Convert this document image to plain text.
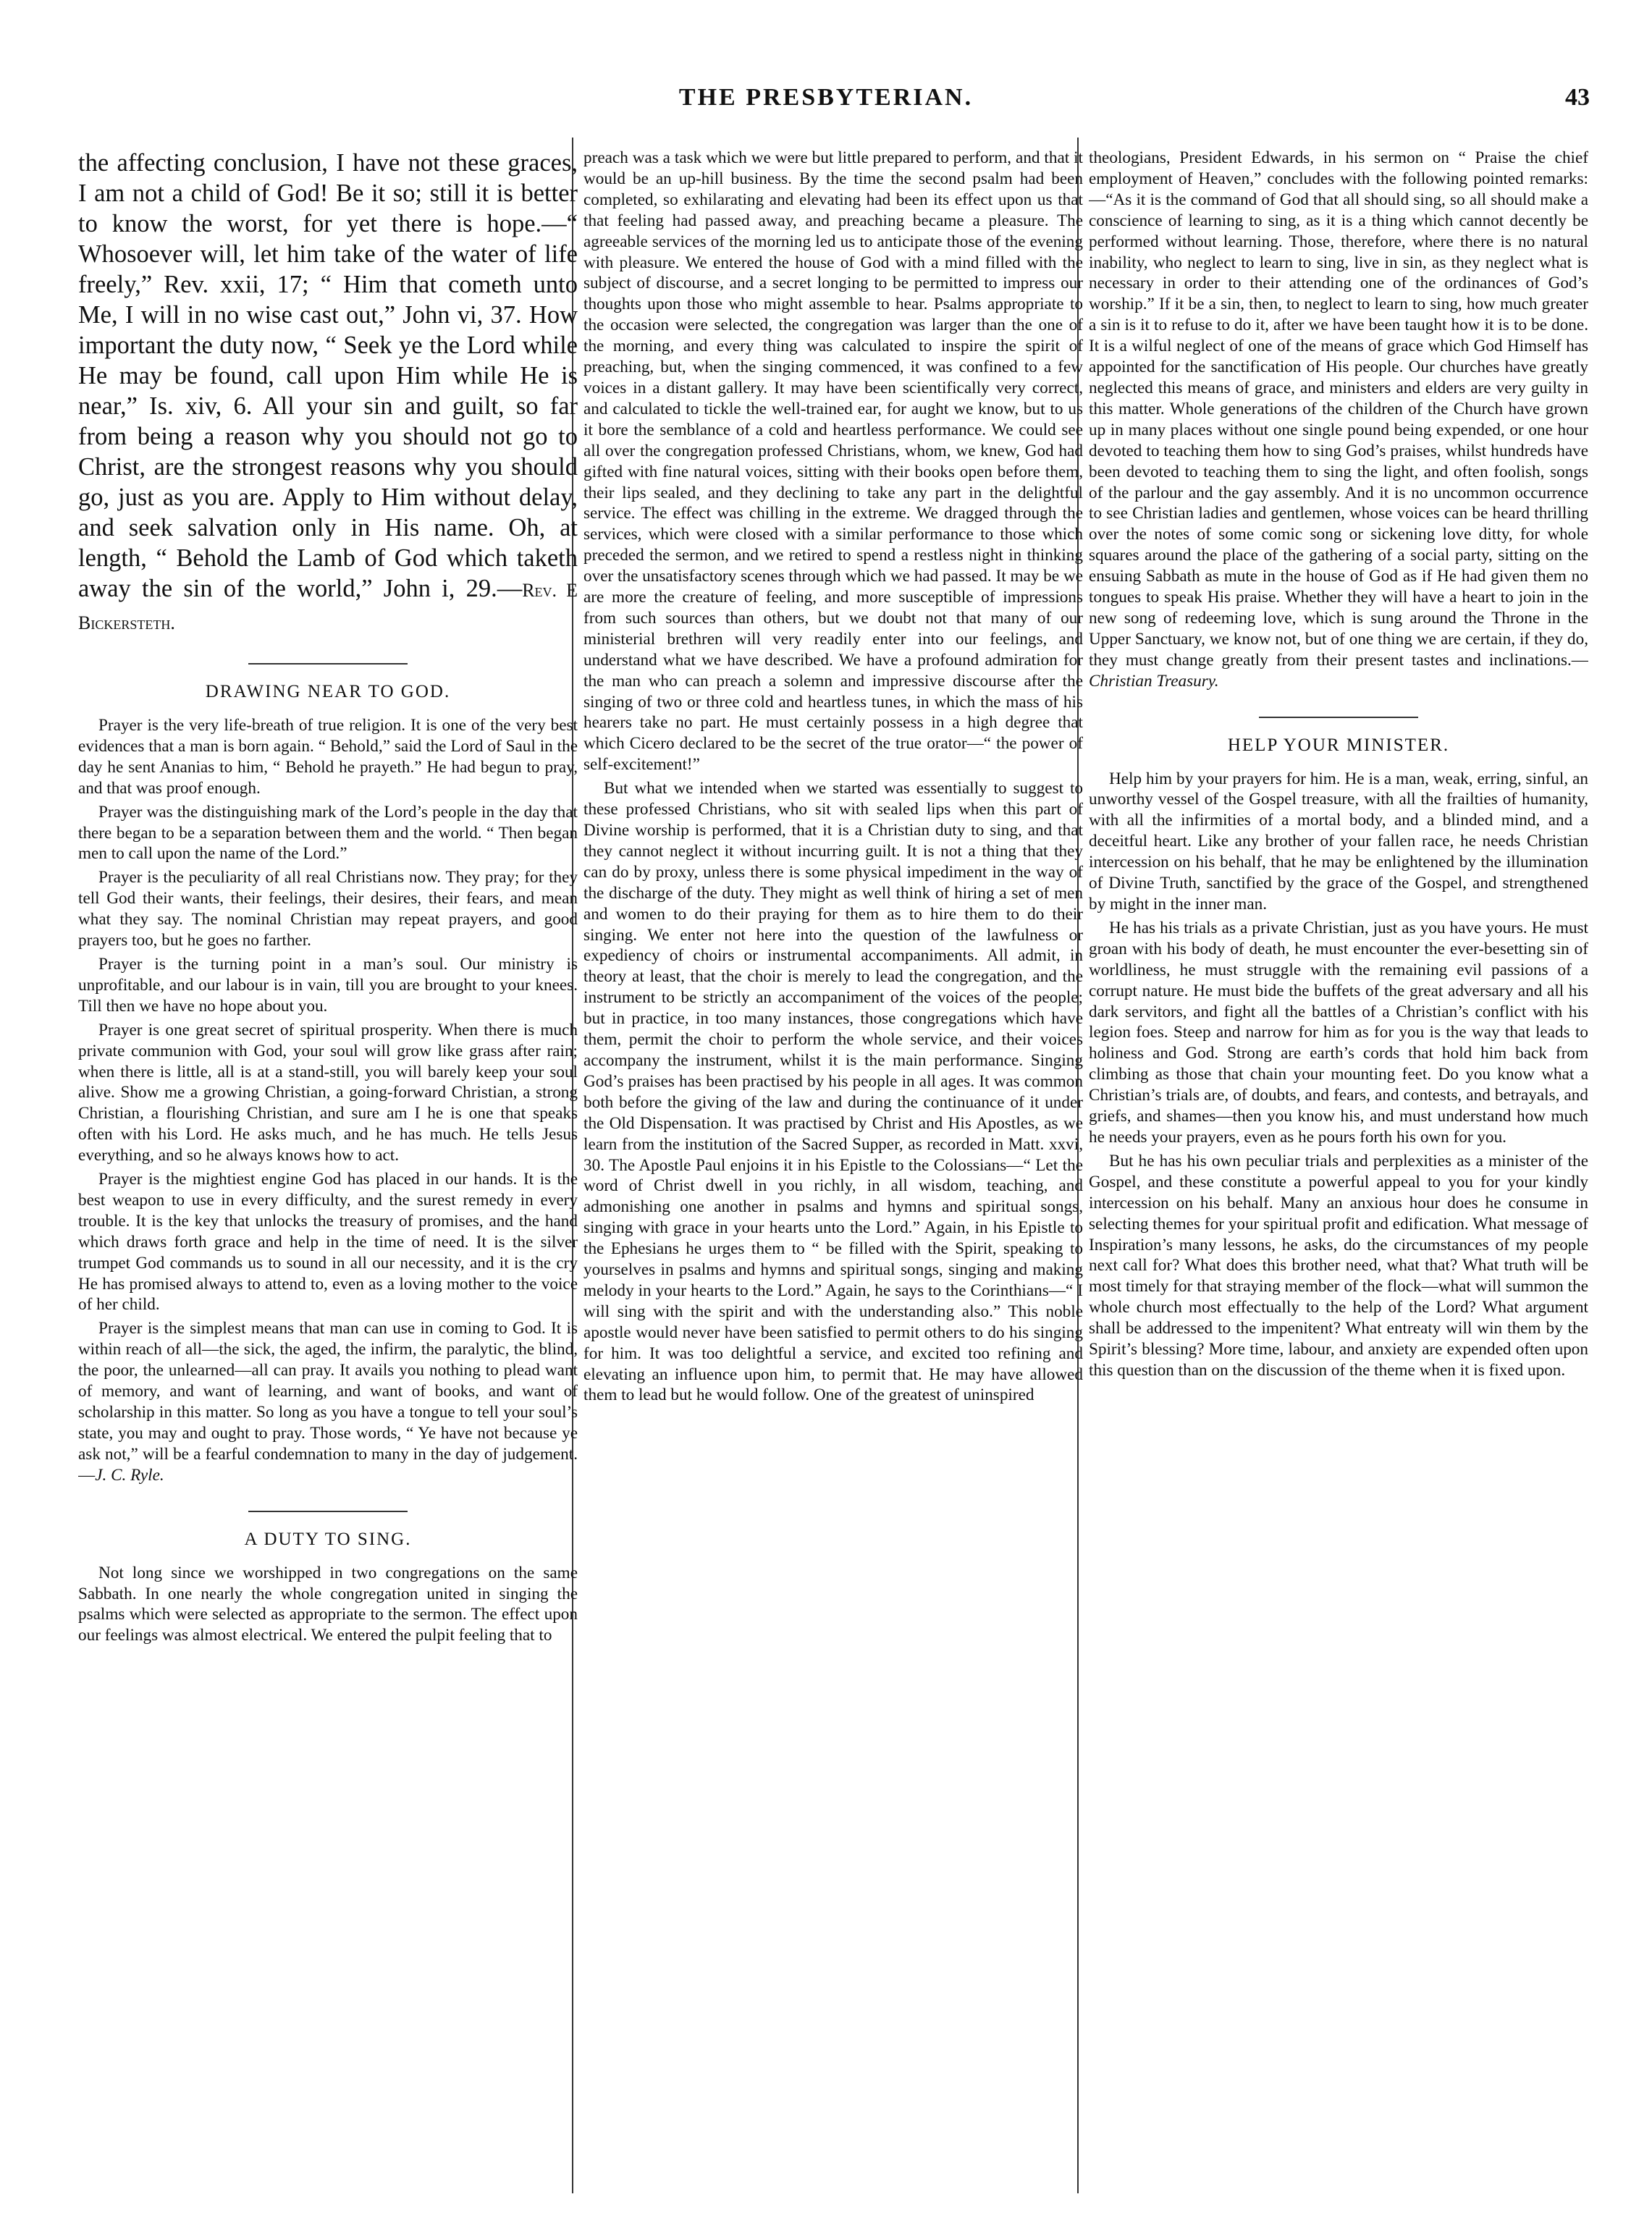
THE PRESBYTERIAN.	43

the affecting conclusion, I have not these graces, I am not a child of God! Be it so; still it is better to know the worst, for yet there is hope.—“ Whosoever will, let him take of the water of life freely,” Rev. xxii, 17; “ Him that cometh unto Me, I will in no wise cast out,” John vi, 37. How important the duty now, “ Seek ye the Lord while He may be found, call upon Him while He is near,” Is. xiv, 6. All your sin and guilt, so far from being a reason why you should not go to Christ, are the strongest reasons why you should go, just as you are. Apply to Him without delay, and seek salvation only in His name. Oh, at length, “ Behold the Lamb of God which taketh away the sin of the world,” John i, 29.—Rev. E Bickersteth.

DRAWING NEAR TO GOD.

Prayer is the very life-breath of true religion. It is one of the very best evidences that a man is born again. “ Behold,” said the Lord of Saul in the day he sent Ananias to him, “ Behold he prayeth.” He had begun to pray, and that was proof enough.

Prayer was the distinguishing mark of the Lord’s people in the day that there began to be a separation between them and the world. “ Then began men to call upon the name of the Lord.”

Prayer is the peculiarity of all real Christians now. They pray; for they tell God their wants, their feelings, their desires, their fears, and mean what they say. The nominal Christian may repeat prayers, and good prayers too, but he goes no farther.

Prayer is the turning point in a man’s soul. Our ministry is unprofitable, and our labour is in vain, till you are brought to your knees. Till then we have no hope about you.

Prayer is one great secret of spiritual prosperity. When there is much private communion with God, your soul will grow like grass after rain; when there is little, all is at a stand-still, you will barely keep your soul alive. Show me a growing Christian, a going-forward Christian, a strong Christian, a flourishing Christian, and sure am I he is one that speaks often with his Lord. He asks much, and he has much. He tells Jesus everything, and so he always knows how to act.

Prayer is the mightiest engine God has placed in our hands. It is the best weapon to use in every difficulty, and the surest remedy in every trouble. It is the key that unlocks the treasury of promises, and the hand which draws forth grace and help in the time of need. It is the silver trumpet God commands us to sound in all our necessity, and it is the cry He has promised always to attend to, even as a loving mother to the voice of her child.

Prayer is the simplest means that man can use in coming to God. It is within reach of all—the sick, the aged, the infirm, the paralytic, the blind, the poor, the unlearned—all can pray. It avails you nothing to plead want of memory, and want of learning, and want of books, and want of scholarship in this matter. So long as you have a tongue to tell your soul’s state, you may and ought to pray. Those words, “ Ye have not because ye ask not,” will be a fearful condemnation to many in the day of judgement.—J. C. Ryle.

A DUTY TO SING.

Not long since we worshipped in two congregations on the same Sabbath. In one nearly the whole congregation united in singing the psalms which were selected as appropriate to the sermon. The effect upon our feelings was almost electrical. We entered the pulpit feeling that to

preach was a task which we were but little prepared to perform, and that it would be an up-hill business. By the time the second psalm had been completed, so exhilarating and elevating had been its effect upon us that that feeling had passed away, and preaching became a pleasure. The agreeable services of the morning led us to anticipate those of the evening with pleasure. We entered the house of God with a mind filled with the subject of discourse, and a secret longing to be permitted to impress our thoughts upon those who might assemble to hear. Psalms appropriate to the occasion were selected, the congregation was larger than the one of the morning, and every thing was calculated to inspire the spirit of preaching, but, when the singing commenced, it was confined to a few voices in a distant gallery. It may have been scientifically very correct, and calculated to tickle the well-trained ear, for aught we know, but to us it bore the semblance of a cold and heartless performance. We could see all over the congregation professed Christians, whom, we knew, God had gifted with fine natural voices, sitting with their books open before them, their lips sealed, and they declining to take any part in the delightful service. The effect was chilling in the extreme. We dragged through the services, which were closed with a similar performance to those which preceded the sermon, and we retired to spend a restless night in thinking over the unsatisfactory scenes through which we had passed. It may be we are more the creature of feeling, and more susceptible of impressions from such sources than others, but we doubt not that many of our ministerial brethren will very readily enter into our feelings, and understand what we have described. We have a profound admiration for the man who can preach a solemn and impressive discourse after the singing of two or three cold and heartless tunes, in which the mass of his hearers take no part. He must certainly possess in a high degree that which Cicero declared to be the secret of the true orator—“ the power of self-excitement!”

But what we intended when we started was essentially to suggest to these professed Christians, who sit with sealed lips when this part of Divine worship is performed, that it is a Christian duty to sing, and that they cannot neglect it without incurring guilt. It is not a thing that they can do by proxy, unless there is some physical impediment in the way of the discharge of the duty. They might as well think of hiring a set of men and women to do their praying for them as to hire them to do their singing. We enter not here into the question of the lawfulness or expediency of choirs or instrumental accompaniments. All admit, in theory at least, that the choir is merely to lead the congregation, and the instrument to be strictly an accompaniment of the voices of the people; but in practice, in too many instances, those congregations which have them, permit the choir to perform the whole service, and their voices accompany the instrument, whilst it is the main performance. Singing God’s praises has been practised by his people in all ages. It was common both before the giving of the law and during the continuance of it under the Old Dispensation. It was practised by Christ and His Apostles, as we learn from the institution of the Sacred Supper, as recorded in Matt. xxvi, 30. The Apostle Paul enjoins it in his Epistle to the Colossians—“ Let the word of Christ dwell in you richly, in all wisdom, teaching, and admonishing one another in psalms and hymns and spiritual songs, singing with grace in your hearts unto the Lord.” Again, in his Epistle to the Ephesians he urges them to “ be filled with the Spirit, speaking to yourselves in psalms and hymns and spiritual songs, singing and making melody in your hearts to the Lord.” Again, he says to the Corinthians—“ I will sing with the spirit and with the understanding also.” This noble apostle would never have been satisfied to permit others to do his singing for him. It was too delightful a service, and excited too refining and elevating an influence upon him, to permit that. He may have allowed them to lead but he would follow. One of the greatest of uninspired

theologians, President Edwards, in his sermon on “ Praise the chief employment of Heaven,” concludes with the following pointed remarks:—“As it is the command of God that all should sing, so all should make a conscience of learning to sing, as it is a thing which cannot decently be performed without learning. Those, therefore, where there is no natural inability, who neglect to learn to sing, live in sin, as they neglect what is necessary in order to their attending one of the ordinances of God’s worship.” If it be a sin, then, to neglect to learn to sing, how much greater a sin is it to refuse to do it, after we have been taught how it is to be done. It is a wilful neglect of one of the means of grace which God Himself has appointed for the sanctification of His people. Our churches have greatly neglected this means of grace, and ministers and elders are very guilty in this matter. Whole generations of the children of the Church have grown up in many places without one single pound being expended, or one hour devoted to teaching them how to sing God’s praises, whilst hundreds have been devoted to teaching them to sing the light, and often foolish, songs of the parlour and the gay assembly. And it is no uncommon occurrence to see Christian ladies and gentlemen, whose voices can be heard thrilling over the notes of some comic song or sickening love ditty, for whole squares around the place of the gathering of a social party, sitting on the ensuing Sabbath as mute in the house of God as if He had given them no tongues to speak His praise. Whether they will have a heart to join in the new song of redeeming love, which is sung around the Throne in the Upper Sanctuary, we know not, but of one thing we are certain, if they do, they must change greatly from their present tastes and inclinations.—Christian Treasury.

HELP YOUR MINISTER.

Help him by your prayers for him. He is a man, weak, erring, sinful, an unworthy vessel of the Gospel treasure, with all the frailties of humanity, with all the infirmities of a mortal body, and a blinded mind, and a deceitful heart. Like any brother of your fallen race, he needs Christian intercession on his behalf, that he may be enlightened by the illumination of Divine Truth, sanctified by the grace of the Gospel, and strengthened by might in the inner man.

He has his trials as a private Christian, just as you have yours. He must groan with his body of death, he must encounter the ever-besetting sin of worldliness, he must struggle with the remaining evil passions of a corrupt nature. He must bide the buffets of the great adversary and all his dark servitors, and fight all the battles of a Christian’s conflict with his legion foes. Steep and narrow for him as for you is the way that leads to holiness and God. Strong are earth’s cords that hold him back from climbing as those that chain your mounting feet. Do you know what a Christian’s trials are, of doubts, and fears, and contests, and betrayals, and griefs, and shames—then you know his, and must understand how much he needs your prayers, even as he pours forth his own for you.

But he has his own peculiar trials and perplexities as a minister of the Gospel, and these constitute a powerful appeal to you for your kindly intercession on his behalf. Many an anxious hour does he consume in selecting themes for your spiritual profit and edification. What message of Inspiration’s many lessons, he asks, do the circumstances of my people next call for? What does this brother need, what that? What truth will be most timely for that straying member of the flock—what will summon the whole church most effectually to the help of the Lord? What argument shall be addressed to the impenitent? What entreaty will win them by the Spirit’s blessing? More time, labour, and anxiety are expended often upon this question than on the discussion of the theme when it is fixed upon.
